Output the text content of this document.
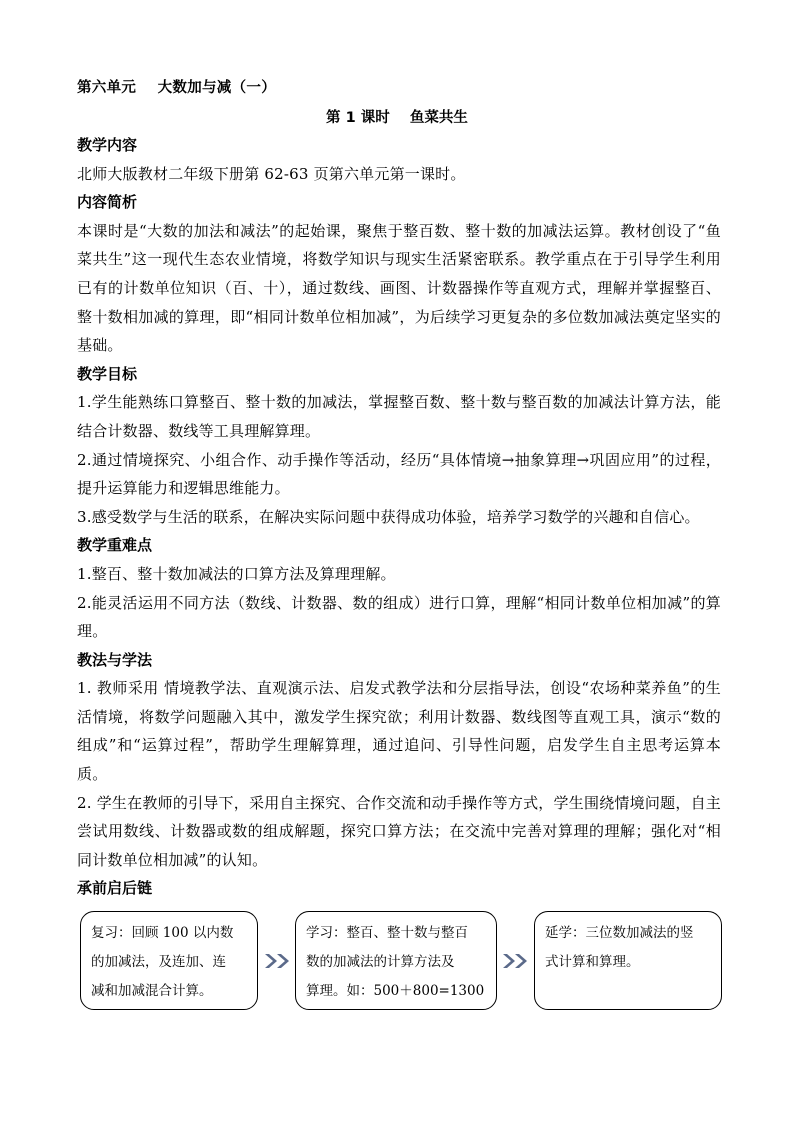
第六单元    大数加与减（一）
第 1 课时    鱼菜共生
教学内容
北师大版教材二年级下册第 62-63 页第六单元第一课时。
内容简析
本课时是“大数的加法和减法”的起始课，聚焦于整百数、整十数的加减法运算。教材创设了“鱼菜共生”这一现代生态农业情境，将数学知识与现实生活紧密联系。教学重点在于引导学生利用已有的计数单位知识（百、十），通过数线、画图、计数器操作等直观方式，理解并掌握整百、整十数相加减的算理，即“相同计数单位相加减”，为后续学习更复杂的多位数加减法奠定坚实的基础。
教学目标
1.学生能熟练口算整百、整十数的加减法，掌握整百数、整十数与整百数的加减法计算方法，能结合计数器、数线等工具理解算理。
2.通过情境探究、小组合作、动手操作等活动，经历“具体情境→抽象算理→巩固应用”的过程，提升运算能力和逻辑思维能力。
3.感受数学与生活的联系，在解决实际问题中获得成功体验，培养学习数学的兴趣和自信心。
教学重难点
1.整百、整十数加减法的口算方法及算理理解。
2.能灵活运用不同方法（数线、计数器、数的组成）进行口算，理解“相同计数单位相加减”的算理。
教法与学法
1. 教师采用 情境教学法、直观演示法、启发式教学法和分层指导法，创设“农场种菜养鱼”的生活情境，将数学问题融入其中，激发学生探究欲；利用计数器、数线图等直观工具，演示“数的组成”和“运算过程”，帮助学生理解算理，通过追问、引导性问题，启发学生自主思考运算本质。
2. 学生在教师的引导下，采用自主探究、合作交流和动手操作等方式，学生围绕情境问题，自主尝试用数线、计数器或数的组成解题，探究口算方法；在交流中完善对算理的理解；强化对“相同计数单位相加减”的认知。
承前启后链
复习：回顾 100 以内数
的加减法，及连加、连
减和加减混合计算。
学习：整百、整十数与整百
数的加减法的计算方法及
算理。如：500＋800=1300
延学：三位数加减法的竖
式计算和算理。
